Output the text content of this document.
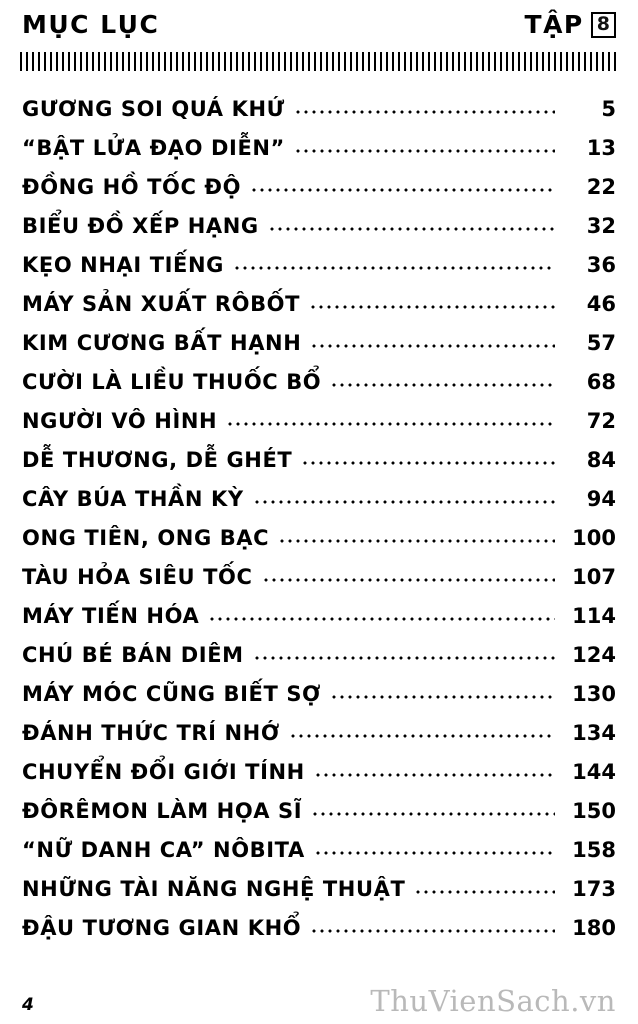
MỤC LỤC	TẬP 8
GƯƠNG SOI QUÁ KHỨ	5
“BẬT LỬA ĐẠO DIỄN”	13
ĐỒNG HỒ TỐC ĐỘ	22
BIỂU ĐỒ XẾP HẠNG	32
KẸO NHẠI TIẾNG	36
MÁY SẢN XUẤT RÔBỐT	46
KIM CƯƠNG BẤT HẠNH	57
CƯỜI LÀ LIỀU THUỐC BỔ	68
NGƯỜI VÔ HÌNH	72
DỄ THƯƠNG, DỄ GHÉT	84
CÂY BÚA THẦN KỲ	94
ONG TIÊN, ONG BẠC	100
TÀU HỎA SIÊU TỐC	107
MÁY TIẾN HÓA	114
CHÚ BÉ BÁN DIÊM	124
MÁY MÓC CŨNG BIẾT SỢ	130
ĐÁNH THỨC TRÍ NHỚ	134
CHUYỂN ĐỔI GIỚI TÍNH	144
ĐÔRÊMON LÀM HỌA SĨ	150
“NỮ DANH CA” NÔBITA	158
NHỮNG TÀI NĂNG NGHỆ THUẬT	173
ĐẬU TƯƠNG GIAN KHỔ	180
4	ThuVienSach.vn
